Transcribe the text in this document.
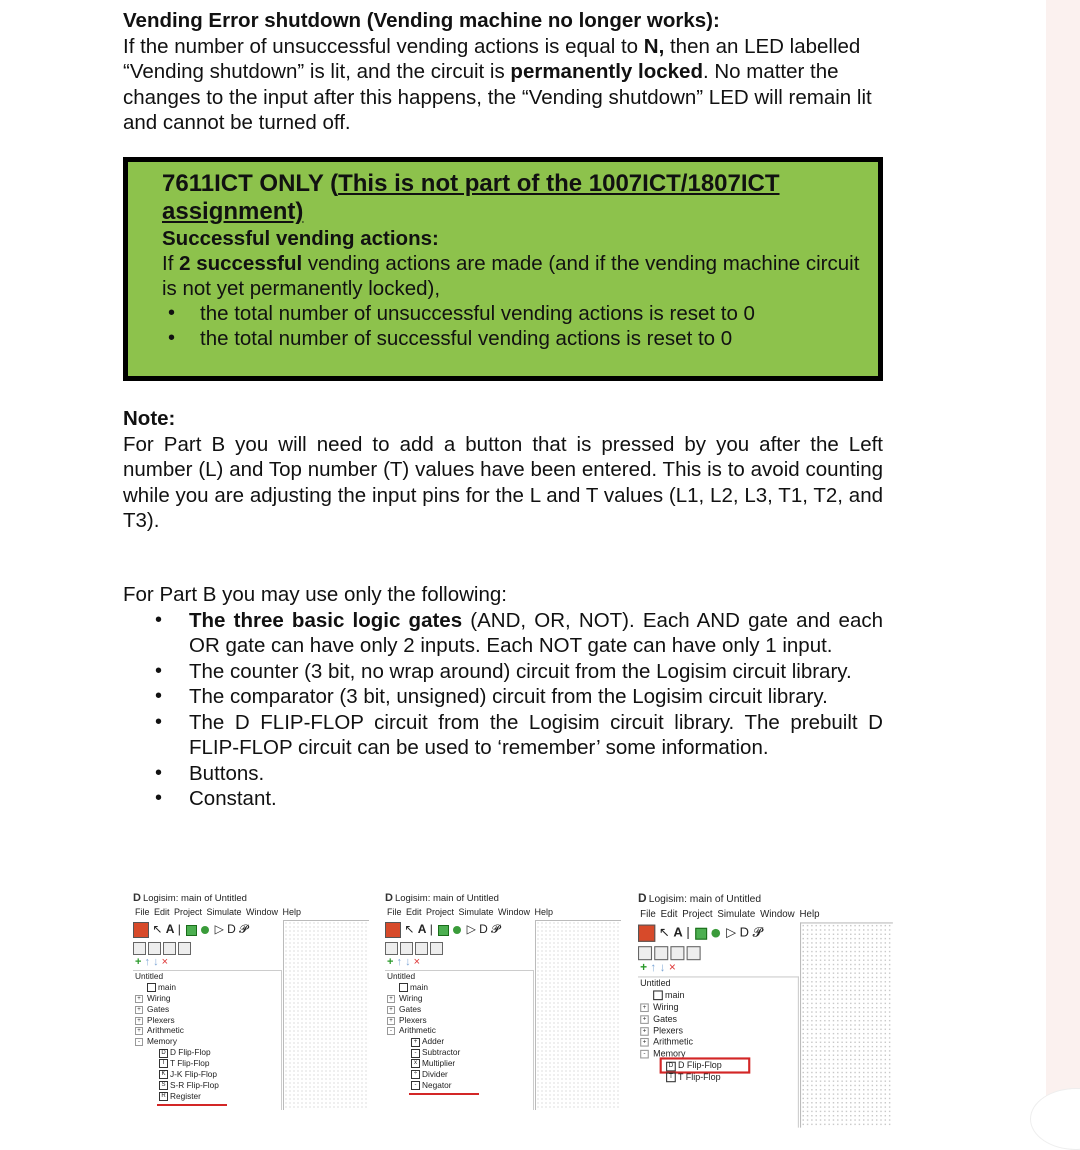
Vending Error shutdown (Vending machine no longer works):

If the number of unsuccessful vending actions is equal to N, then an LED labelled “Vending shutdown” is lit, and the circuit is permanently locked. No matter the changes to the input after this happens, the “Vending shutdown” LED will remain lit and cannot be turned off.

7611ICT ONLY (This is not part of the 1007ICT/1807ICT assignment)
Successful vending actions:
If 2 successful vending actions are made (and if the vending machine circuit is not yet permanently locked),
• the total number of unsuccessful vending actions is reset to 0
• the total number of successful vending actions is reset to 0
Note:

For Part B you will need to add a button that is pressed by you after the Left number (L) and Top number (T) values have been entered. This is to avoid counting while you are adjusting the input pins for the L and T values (L1, L2, L3, T1, T2, and T3).

For Part B you may use only the following:

• The three basic logic gates (AND, OR, NOT). Each AND gate and each OR gate can have only 2 inputs. Each NOT gate can have only 1 input.
• The counter (3 bit, no wrap around) circuit from the Logisim circuit library.
• The comparator (3 bit, unsigned) circuit from the Logisim circuit library.
• The D FLIP-FLOP circuit from the Logisim circuit library. The prebuilt D FLIP-FLOP circuit can be used to ‘remember’ some information.
• Buttons.
• Constant.
D Logisim: main of Untitled
File Edit Project Simulate Window Help
↖ A |	▷ D 𝓟
+ ↑ ↓ ×
Untitled
main
+ Wiring
+ Gates
+ Plexers
+ Arithmetic
- Memory
D D Flip-Flop
T T Flip-Flop
K J-K Flip-Flop
S S-R Flip-Flop
R Register
D Logisim: main of Untitled
File Edit Project Simulate Window Help
↖ A |	▷ D 𝓟
+ ↑ ↓ ×
Untitled
main
+ Wiring
+ Gates
+ Plexers
- Arithmetic
+ Adder
- Subtractor
x Multiplier
÷ Divider
- Negator
D Logisim: main of Untitled
File Edit Project Simulate Window Help
↖ A |	▷ D 𝓟
+ ↑ ↓ ×
Untitled
main
+ Wiring
+ Gates
+ Plexers
+ Arithmetic
- Memory
D D Flip-Flop
T T Flip-Flop
